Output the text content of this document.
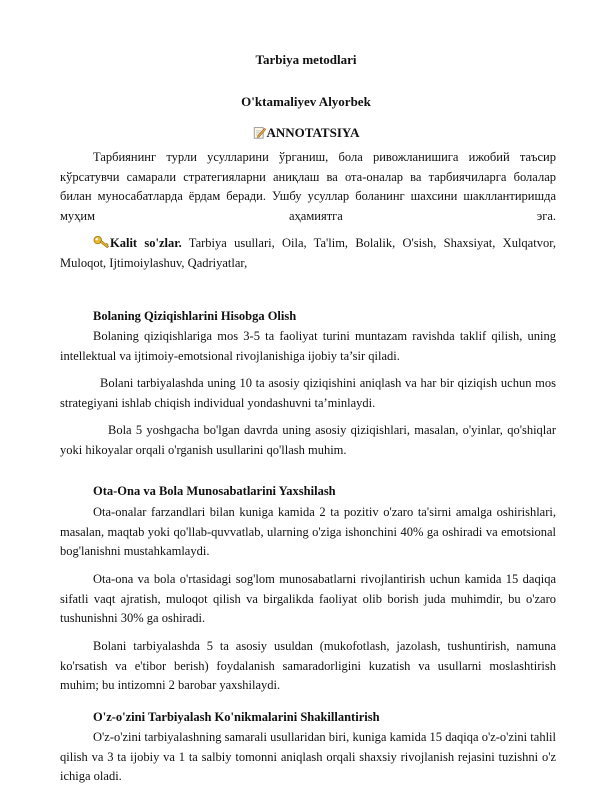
Tarbiya metodlari
O'ktamaliyev Alyorbek
ANNOTATSIYA
Тарбиянинг турли усулларини ўрганиш, бола ривожланишига ижобий таъсир кўрсатувчи самарали стратегияларни аниқлаш ва ота-оналар ва тарбиячиларга болалар билан муносабатларда ёрдам беради. Ушбу усуллар боланинг шахсини шакллантиришда муҳим аҳамиятга эга.
Kalit so'zlar. Tarbiya usullari, Oila, Ta'lim, Bolalik, O'sish, Shaxsiyat, Xulqatvor, Muloqot, Ijtimoiylashuv, Qadriyatlar,
Bolaning Qiziqishlarini Hisobga Olish
Bolaning qiziqishlariga mos 3-5 ta faoliyat turini muntazam ravishda taklif qilish, uning intellektual va ijtimoiy-emotsional rivojlanishiga ijobiy ta’sir qiladi.
Bolani tarbiyalashda uning 10 ta asosiy qiziqishini aniqlash va har bir qiziqish uchun mos strategiyani ishlab chiqish individual yondashuvni ta’minlaydi.
Bola 5 yoshgacha bo'lgan davrda uning asosiy qiziqishlari, masalan, o'yinlar, qo'shiqlar yoki hikoyalar orqali o'rganish usullarini qo'llash muhim.
Ota-Ona va Bola Munosabatlarini Yaxshilash
Ota-onalar farzandlari bilan kuniga kamida 2 ta pozitiv o'zaro ta'sirni amalga oshirishlari, masalan, maqtab yoki qo'llab-quvvatlab, ularning o'ziga ishonchini 40% ga oshiradi va emotsional bog'lanishni mustahkamlaydi.
Ota-ona va bola o'rtasidagi sog'lom munosabatlarni rivojlantirish uchun kamida 15 daqiqa sifatli vaqt ajratish, muloqot qilish va birgalikda faoliyat olib borish juda muhimdir, bu o'zaro tushunishni 30% ga oshiradi.
Bolani tarbiyalashda 5 ta asosiy usuldan (mukofotlash, jazolash, tushuntirish, namuna ko'rsatish va e'tibor berish) foydalanish samaradorligini kuzatish va usullarni moslashtirish muhim; bu intizomni 2 barobar yaxshilaydi.
O'z-o'zini Tarbiyalash Ko'nikmalarini Shakillantirish
O'z-o'zini tarbiyalashning samarali usullaridan biri, kuniga kamida 15 daqiqa o'z-o'zini tahlil qilish va 3 ta ijobiy va 1 ta salbiy tomonni aniqlash orqali shaxsiy rivojlanish rejasini tuzishni o'z ichiga oladi.
